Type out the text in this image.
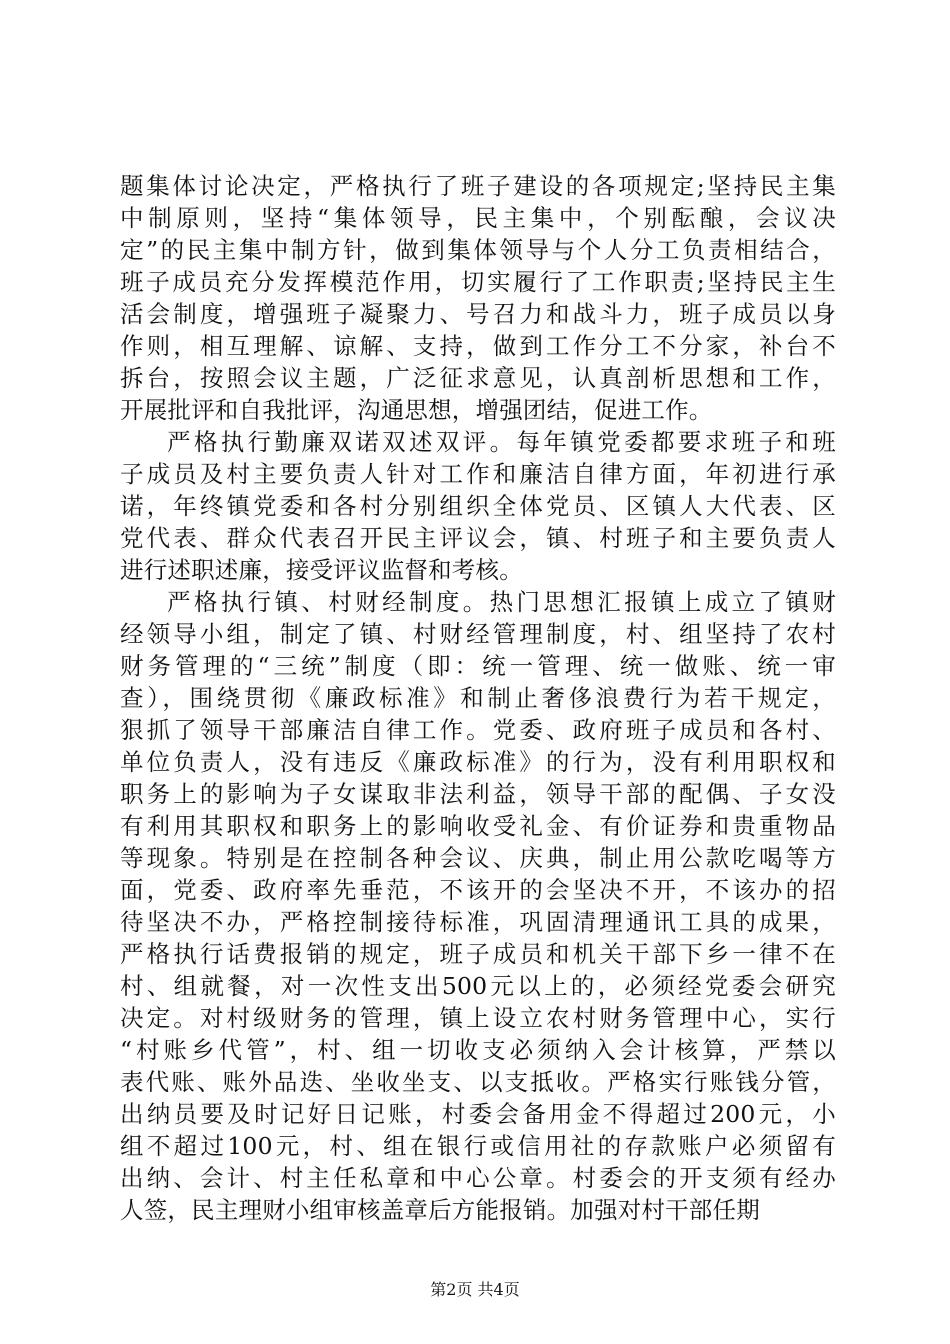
题集体讨论决定，严格执行了班子建设的各项规定;坚持民主集
中制原则，坚持“集体领导，民主集中，个别酝酿，会议决
定”的民主集中制方针，做到集体领导与个人分工负责相结合，
班子成员充分发挥模范作用，切实履行了工作职责;坚持民主生
活会制度，增强班子凝聚力、号召力和战斗力，班子成员以身
作则，相互理解、谅解、支持，做到工作分工不分家，补台不
拆台，按照会议主题，广泛征求意见，认真剖析思想和工作，
开展批评和自我批评，沟通思想，增强团结，促进工作。
严格执行勤廉双诺双述双评。每年镇党委都要求班子和班
子成员及村主要负责人针对工作和廉洁自律方面，年初进行承
诺，年终镇党委和各村分别组织全体党员、区镇人大代表、区
党代表、群众代表召开民主评议会，镇、村班子和主要负责人
进行述职述廉，接受评议监督和考核。
严格执行镇、村财经制度。热门思想汇报镇上成立了镇财
经领导小组，制定了镇、村财经管理制度，村、组坚持了农村
财务管理的“三统”制度（即：统一管理、统一做账、统一审
查），围绕贯彻《廉政标准》和制止奢侈浪费行为若干规定，
狠抓了领导干部廉洁自律工作。党委、政府班子成员和各村、
单位负责人，没有违反《廉政标准》的行为，没有利用职权和
职务上的影响为子女谋取非法利益，领导干部的配偶、子女没
有利用其职权和职务上的影响收受礼金、有价证券和贵重物品
等现象。特别是在控制各种会议、庆典，制止用公款吃喝等方
面，党委、政府率先垂范，不该开的会坚决不开，不该办的招
待坚决不办，严格控制接待标准，巩固清理通讯工具的成果，
严格执行话费报销的规定，班子成员和机关干部下乡一律不在
村、组就餐，对一次性支出500元以上的，必须经党委会研究
决定。对村级财务的管理，镇上设立农村财务管理中心，实行
“村账乡代管”，村、组一切收支必须纳入会计核算，严禁以
表代账、账外品迭、坐收坐支、以支抵收。严格实行账钱分管，
出纳员要及时记好日记账，村委会备用金不得超过200元，小
组不超过100元，村、组在银行或信用社的存款账户必须留有
出纳、会计、村主任私章和中心公章。村委会的开支须有经办
人签，民主理财小组审核盖章后方能报销。加强对村干部任期
第2页 共4页
